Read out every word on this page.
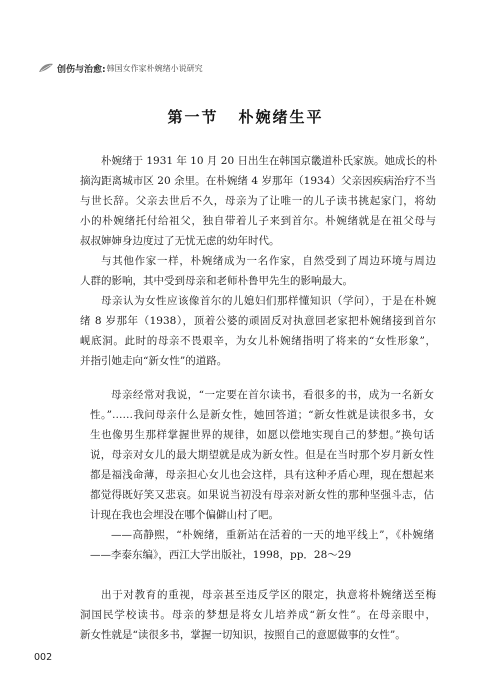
创伤与治愈: 韩国女作家朴婉绪小说研究
第一节 朴婉绪生平
朴婉绪于 1931 年 10 月 20 日出生在韩国京畿道朴氏家族。她成长的朴
摘沟距离城市区 20 余里。在朴婉绪 4 岁那年（1934）父亲因疾病治疗不当
与世长辞。父亲去世后不久，母亲为了让唯一的儿子读书挑起家门，将幼
小的朴婉绪托付给祖父，独自带着儿子来到首尔。朴婉绪就是在祖父母与
叔叔婶婶身边度过了无忧无虑的幼年时代。
与其他作家一样，朴婉绪成为一名作家，自然受到了周边环境与周边
人群的影响，其中受到母亲和老师朴鲁甲先生的影响最大。
母亲认为女性应该像首尔的儿媳妇们那样懂知识（学问），于是在朴婉
绪 8 岁那年（1938），顶着公婆的顽固反对执意回老家把朴婉绪接到首尔
岘底洞。此时的母亲不畏艰辛，为女儿朴婉绪指明了将来的“女性形象”，
并指引她走向“新女性”的道路。
母亲经常对我说，“一定要在首尔读书，看很多的书，成为一名新女
性。”……我问母亲什么是新女性，她回答道；“新女性就是读很多书，女
生也像男生那样掌握世界的规律，如愿以偿地实现自己的梦想。”换句话
说，母亲对女儿的最大期望就是成为新女性。但是在当时那个岁月新女性
都是福浅命薄，母亲担心女儿也会这样，具有这种矛盾心理，现在想起来
都觉得既好笑又悲哀。如果说当初没有母亲对新女性的那种坚强斗志，估
计现在我也会埋没在哪个偏僻山村了吧。
——高静熙，“朴婉绪，重新站在活着的一天的地平线上”，《朴婉绪
——李泰东编》，西江大学出版社，1998，pp．28～29
出于对教育的重视，母亲甚至违反学区的限定，执意将朴婉绪送至梅
洞国民学校读书。母亲的梦想是将女儿培养成“新女性”。在母亲眼中，
新女性就是“读很多书，掌握一切知识，按照自己的意愿做事的女性”。
002
